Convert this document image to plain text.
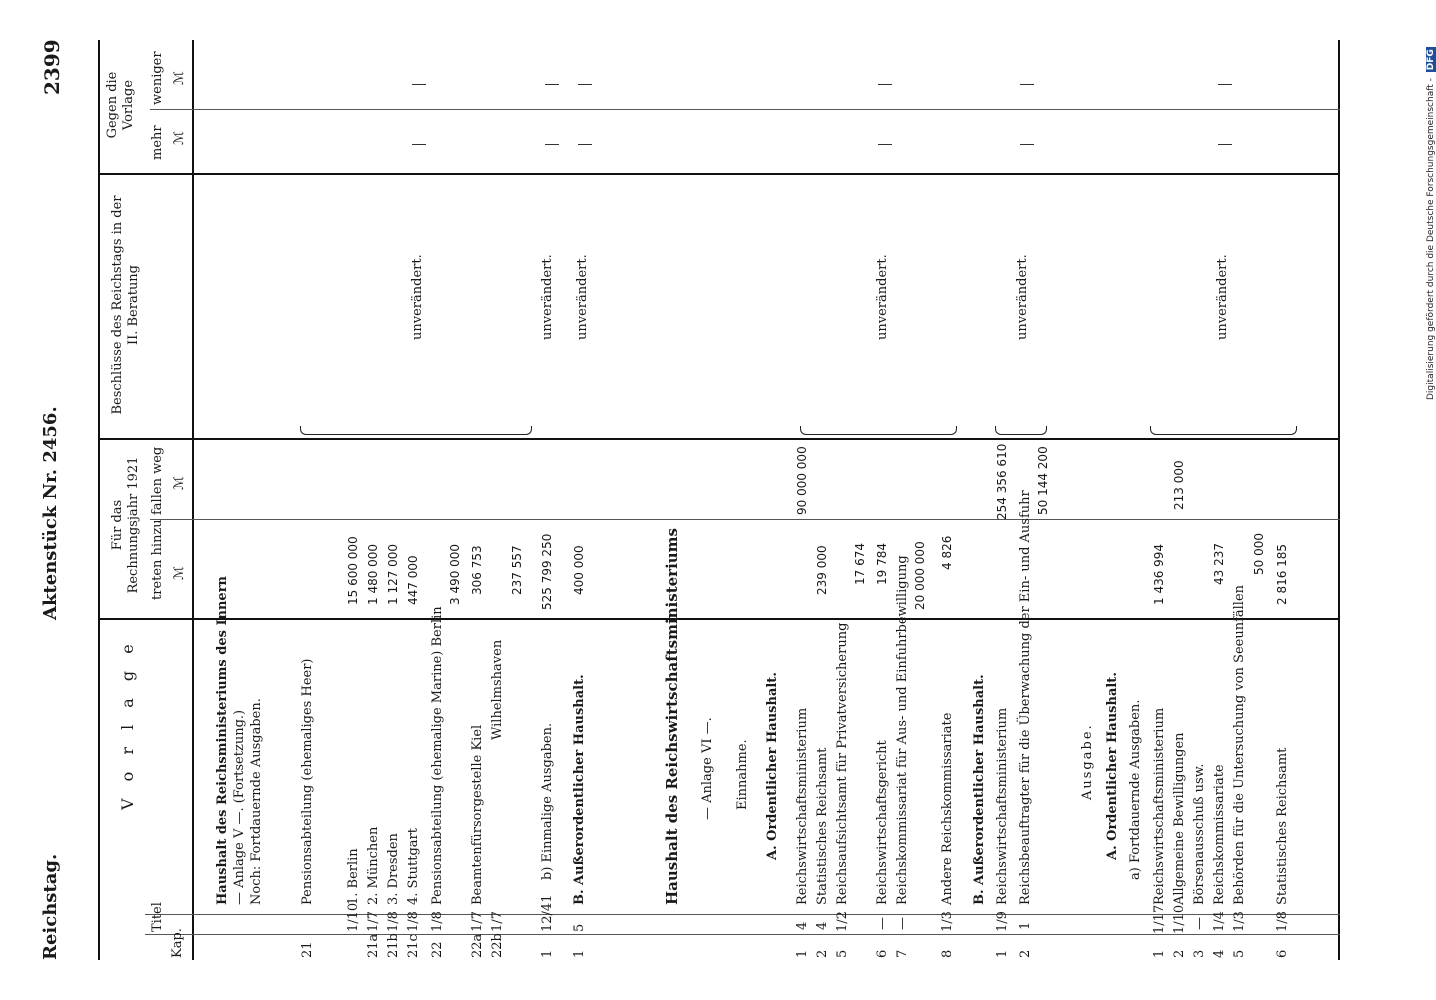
Reichstag.
Aktenstück Nr. 2456.
2399
Kap.
Titel
V o r l a g e
Für das Rechnungsjahr 1921 treten hinzu
fallen weg
ℳ
ℳ
Beschlüsse des Reichstags in der II. Beratung
Gegen die Vorlage
mehr
weniger
ℳ
ℳ
Haushalt des Reichsministeriums des Innern — Anlage V —. (Fortsetzung.) Noch: Fortdauernde Ausgaben.
21
Pensionsabteilung (ehemaliges Heer)
1/10
1. Berlin
15 600 000
21a
1/7
2. München
1 480 000
21b
1/8
3. Dresden
1 127 000
21c
1/8
4. Stuttgart
447 000
22
1/8
Pensionsabteilung (ehemalige Marine) Berlin
3 490 000
22a
1/7
Beamtenfürsorgestelle Kiel
306 753
22b
1/7
Wilhelmshaven
237 557
1
12/41
b) Einmalige Ausgaben.
525 799 250
1
5
B. Außerordentlicher Haushalt.
400 000
unverändert.	unverändert. unverändert.
Haushalt des Reichswirtschaftsministeriums — Anlage VI —. Einnahme. A. Ordentlicher Haushalt.
1
4
Reichswirtschaftsministerium
90 000 000
2
4
Statistisches Reichsamt
239 000
5
1/2
Reichsaufsichtsamt für Privatversicherung
17 674
6
—
Reichswirtschaftsgericht
19 784
7
—
Reichskommissariat für Aus- und Einfuhrbewilligung 20 000 000
8
1/3
Andere Reichskommissariate
4 826
unverändert.
B. Außerordentlicher Haushalt.
1
1/9
Reichswirtschaftsministerium
254 356 610
2
1
Reichsbeauftragter für die Überwachung der Ein- und Ausfuhr
50 144 200
unverändert.
Ausgabe. A. Ordentlicher Haushalt. a) Fortdauernde Ausgaben.
1
1/17
Reichswirtschaftsministerium
1 436 994
2
1/10
Allgemeine Bewilligungen
213 000
3
—
Börsenausschuß usw.
4
1/4
Reichskommissariate
43 237
5
1/3
Behörden für die Untersuchung von Seeunfällen
50 000
6
1/8
Statistisches Reichsamt
2 816 185
unverändert.	Digitalisierung gefördert durch die Deutsche Forschungsgemeinschaft - DFG
